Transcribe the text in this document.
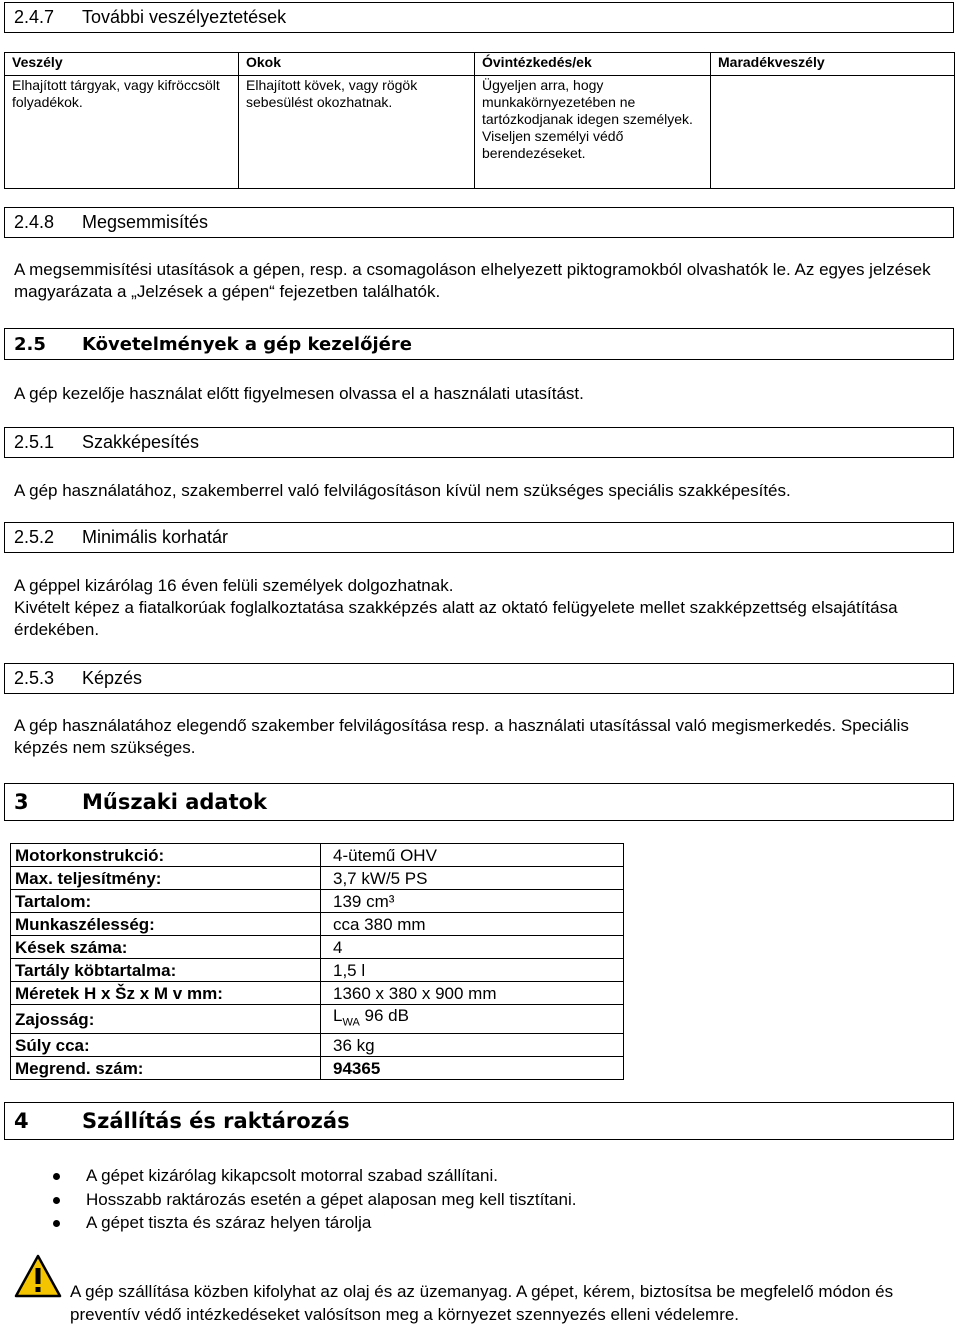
2.4.7	További veszélyeztetések
Veszély	Okok	Óvintézkedés/ek	Maradékveszély
Elhajított tárgyak, vagy kifröccsölt folyadékok.	Elhajított kövek, vagy rögök sebesülést okozhatnak.	Ügyeljen arra, hogy munkakörnyezetében ne tartózkodjanak idegen személyek. Viseljen személyi védő berendezéseket.	
2.4.8	Megsemmisítés

A megsemmisítési utasítások a gépen, resp. a csomagoláson elhelyezett piktogramokból olvashatók le. Az egyes jelzések magyarázata a „Jelzések a gépen“ fejezetben találhatók.

2.5	Követelmények a gép kezelőjére

A gép kezelője használat előtt figyelmesen olvassa el a használati utasítást.

2.5.1	Szakképesítés

A gép használatához, szakemberrel való felvilágosításon kívül nem szükséges speciális szakképesítés.

2.5.2	Minimális korhatár

A géppel kizárólag 16 éven felüli személyek dolgozhatnak.

Kivételt képez a fiatalkorúak foglalkoztatása szakképzés alatt az oktató felügyelete mellet szakképzettség elsajátítása érdekében.

2.5.3	Képzés

A gép használatához elegendő szakember felvilágosítása resp. a használati utasítással való megismerkedés. Speciális képzés nem szükséges.

3	Műszaki adatok
Motorkonstrukció:	4-ütemű OHV
Max. teljesítmény:	3,7 kW/5 PS
Tartalom:	139 cm³
Munkaszélesség:	cca 380 mm
Kések száma:	4
Tartály köbtartalma:	1,5 l
Méretek H x Šz x M v mm:	1360 x 380 x 900 mm
Zajosság:	$L_{WA}$ 96 dB
Súly cca:	36 kg
Megrend. szám:	94365
4	Szállítás és raktározás
A gépet kizárólag kikapcsolt motorral szabad szállítani.
Hosszabb raktározás esetén a gépet alaposan meg kell tisztítani.
A gépet tiszta és száraz helyen tárolja
A gép szállítása közben kifolyhat az olaj és az üzemanyag. A gépet, kérem, biztosítsa be megfelelő módon és preventív védő intézkedéseket valósítson meg a környezet szennyezés elleni védelemre.
